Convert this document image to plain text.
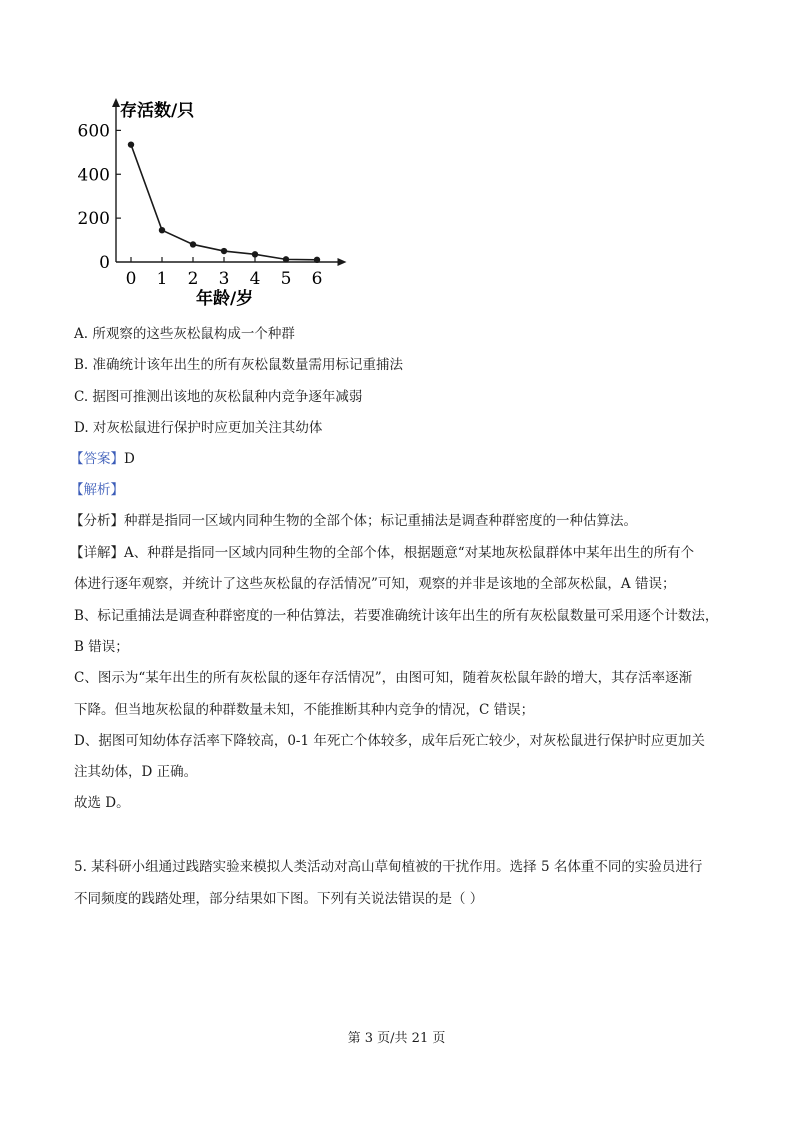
0
200
400
600
0 1 2 3 4 5 6
存活数/只
年龄/岁
A. 所观察的这些灰松鼠构成一个种群
B. 准确统计该年出生的所有灰松鼠数量需用标记重捕法
C. 据图可推测出该地的灰松鼠种内竞争逐年减弱
D. 对灰松鼠进行保护时应更加关注其幼体
【答案】D
【解析】
【分析】种群是指同一区域内同种生物的全部个体；标记重捕法是调查种群密度的一种估算法。
【详解】A、种群是指同一区域内同种生物的全部个体，根据题意“对某地灰松鼠群体中某年出生的所有个
体进行逐年观察，并统计了这些灰松鼠的存活情况”可知，观察的并非是该地的全部灰松鼠，A 错误；
B、标记重捕法是调查种群密度的一种估算法，若要准确统计该年出生的所有灰松鼠数量可采用逐个计数法，
B 错误；
C、图示为“某年出生的所有灰松鼠的逐年存活情况”，由图可知，随着灰松鼠年龄的增大，其存活率逐渐
下降。但当地灰松鼠的种群数量未知，不能推断其种内竞争的情况，C 错误；
D、据图可知幼体存活率下降较高，0-1 年死亡个体较多，成年后死亡较少，对灰松鼠进行保护时应更加关
注其幼体，D 正确。
故选 D。
5. 某科研小组通过践踏实验来模拟人类活动对高山草甸植被的干扰作用。选择 5 名体重不同的实验员进行
不同频度的践踏处理，部分结果如下图。下列有关说法错误的是（ ）
第 3 页/共 21 页
